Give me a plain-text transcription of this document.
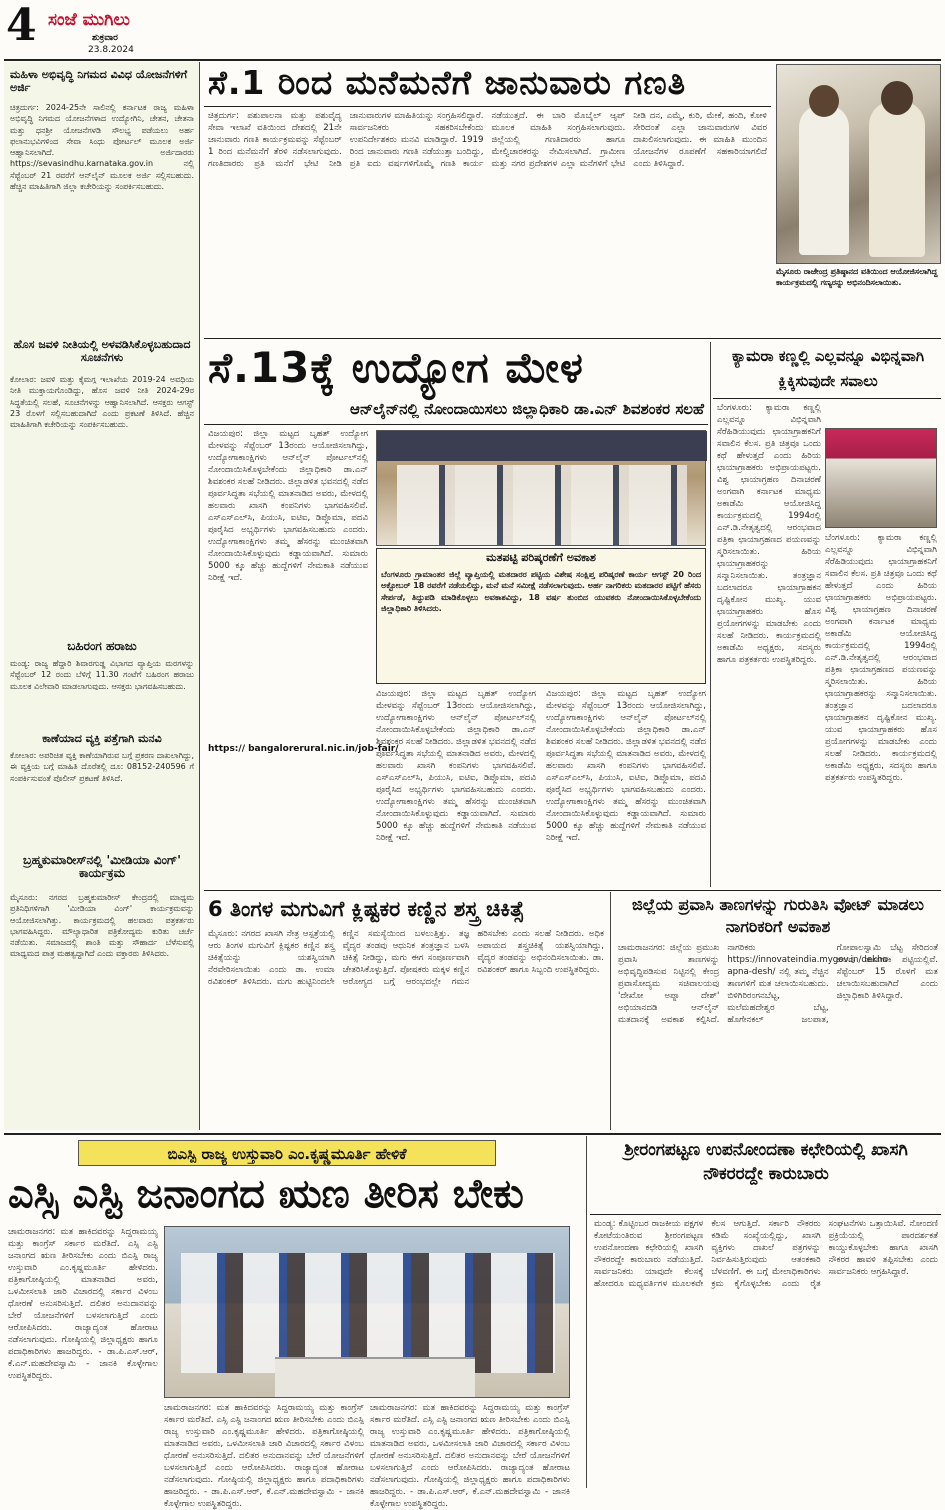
4 ಸಂಜೆ ಮುಗಿಲು
ಶುಕ್ರವಾರ
23.8.2024
ಮಹಿಳಾ ಅಭಿವೃದ್ಧಿ ನಿಗಮದ ವಿವಿಧ ಯೋಜನೆಗಳಿಗೆ ಅರ್ಜಿ
ಚಿತ್ರದುರ್ಗ: 2024-25ನೇ ಸಾಲಿನಲ್ಲಿ ಕರ್ನಾಟಕ ರಾಜ್ಯ ಮಹಿಳಾ ಅಭಿವೃದ್ಧಿ ನಿಗಮದ ಯೋಜನೆಗಳಾದ ಉದ್ಯೋಗಿನಿ, ಚೇತನ, ಚೇತನಾ ಮತ್ತು ಧನಶ್ರೀ ಯೋಜನೆಗಳಡಿ ಸೌಲಭ್ಯ ಪಡೆಯಲು ಅರ್ಹ ಫಲಾನುಭವಿಗಳಿಂದ ಸೇವಾ ಸಿಂಧು ಪೋರ್ಟಲ್ ಮೂಲಕ ಅರ್ಜಿ ಆಹ್ವಾನಿಸಲಾಗಿದೆ. ಅರ್ಜಿದಾರರು https://sevasindhu.karnataka.gov.in ನಲ್ಲಿ ಸೆಪ್ಟೆಂಬರ್ 21 ರವರೆಗೆ ಆನ್‌ಲೈನ್ ಮೂಲಕ ಅರ್ಜಿ ಸಲ್ಲಿಸಬಹುದು. ಹೆಚ್ಚಿನ ಮಾಹಿತಿಗಾಗಿ ಜಿಲ್ಲಾ ಕಚೇರಿಯನ್ನು ಸಂಪರ್ಕಿಸಬಹುದು.
ಹೊಸ ಜವಳಿ ನೀತಿಯಲ್ಲಿ ಅಳವಡಿಸಿಕೊಳ್ಳಬಹುದಾದ ಸೂಚನೆಗಳು
ಕೋಲಾರ: ಜವಳಿ ಮತ್ತು ಕೈಮಗ್ಗ ಇಲಾಖೆಯ 2019-24 ಅವಧಿಯ ನೀತಿ ಮುಕ್ತಾಯಗೊಂಡಿದ್ದು, ಹೊಸ ಜವಳಿ ನೀತಿ 2024-29ರ ಸಿದ್ಧತೆಯಲ್ಲಿ ಸಲಹೆ, ಸೂಚನೆಗಳನ್ನು ಆಹ್ವಾನಿಸಲಾಗಿದೆ. ಆಸಕ್ತರು ಆಗಸ್ಟ್ 23 ರೊಳಗೆ ಸಲ್ಲಿಸಬಹುದಾಗಿದೆ ಎಂದು ಪ್ರಕಟಣೆ ತಿಳಿಸಿದೆ. ಹೆಚ್ಚಿನ ಮಾಹಿತಿಗಾಗಿ ಕಚೇರಿಯನ್ನು ಸಂಪರ್ಕಿಸಬಹುದು.
ಬಹಿರಂಗ ಹರಾಜು
ಮಂಡ್ಯ: ರಾಜ್ಯ ಹೆದ್ದಾರಿ ಶಿವಾರಗುಡ್ಡ ವಿಭಾಗದ ವ್ಯಾಪ್ತಿಯ ಮರಗಳನ್ನು ಸೆಪ್ಟೆಂಬರ್ 12 ರಂದು ಬೆಳಿಗ್ಗೆ 11.30 ಗಂಟೆಗೆ ಬಹಿರಂಗ ಹರಾಜು ಮೂಲಕ ವಿಲೇವಾರಿ ಮಾಡಲಾಗುವುದು. ಆಸಕ್ತರು ಭಾಗವಹಿಸಬಹುದು.
ಕಾಣೆಯಾದ ವ್ಯಕ್ತಿ ಪತ್ತೆಗಾಗಿ ಮನವಿ
ಕೋಲಾರ: ಅಪರಿಚಿತ ವ್ಯಕ್ತಿ ಕಾಣೆಯಾಗಿರುವ ಬಗ್ಗೆ ಪ್ರಕರಣ ದಾಖಲಾಗಿದ್ದು, ಈ ವ್ಯಕ್ತಿಯ ಬಗ್ಗೆ ಮಾಹಿತಿ ದೊರೆತಲ್ಲಿ ದೂ: 08152-240596 ಗೆ ಸಂಪರ್ಕಿಸುವಂತೆ ಪೊಲೀಸ್ ಪ್ರಕಟಣೆ ತಿಳಿಸಿದೆ.
ಬ್ರಹ್ಮಕುಮಾರೀಸ್‌ನಲ್ಲಿ 'ಮೀಡಿಯಾ ವಿಂಗ್' ಕಾರ್ಯಕ್ರಮ
ಮೈಸೂರು: ನಗರದ ಬ್ರಹ್ಮಕುಮಾರೀಸ್ ಕೇಂದ್ರದಲ್ಲಿ ಮಾಧ್ಯಮ ಪ್ರತಿನಿಧಿಗಳಿಗಾಗಿ 'ಮೀಡಿಯಾ ವಿಂಗ್' ಕಾರ್ಯಕ್ರಮವನ್ನು ಆಯೋಜಿಸಲಾಗಿತ್ತು. ಕಾರ್ಯಕ್ರಮದಲ್ಲಿ ಹಲವಾರು ಪತ್ರಕರ್ತರು ಭಾಗವಹಿಸಿದ್ದರು. ಮೌಲ್ಯಾಧಾರಿತ ಪತ್ರಿಕೋದ್ಯಮ ಕುರಿತು ಚರ್ಚೆ ನಡೆಯಿತು. ಸಮಾಜದಲ್ಲಿ ಶಾಂತಿ ಮತ್ತು ಸೌಹಾರ್ದ ಬೆಳೆಸುವಲ್ಲಿ ಮಾಧ್ಯಮದ ಪಾತ್ರ ಮಹತ್ವದ್ದಾಗಿದೆ ಎಂದು ವಕ್ತಾರರು ತಿಳಿಸಿದರು.
ಸೆ.1 ರಿಂದ ಮನೆಮನೆಗೆ ಜಾನುವಾರು ಗಣತಿ
ಚಿತ್ರದುರ್ಗ: ಪಶುಪಾಲನಾ ಮತ್ತು ಪಶುವೈದ್ಯ ಸೇವಾ ಇಲಾಖೆ ವತಿಯಿಂದ ದೇಶದಲ್ಲಿ 21ನೇ ಜಾನುವಾರು ಗಣತಿ ಕಾರ್ಯಕ್ರಮವನ್ನು ಸೆಪ್ಟೆಂಬರ್ 1 ರಿಂದ ಮನೆಮನೆಗೆ ತೆರಳಿ ನಡೆಸಲಾಗುವುದು. ಗಣತಿದಾರರು ಪ್ರತಿ ಮನೆಗೆ ಭೇಟಿ ನೀಡಿ ಜಾನುವಾರುಗಳ ಮಾಹಿತಿಯನ್ನು ಸಂಗ್ರಹಿಸಲಿದ್ದಾರೆ. ಸಾರ್ವಜನಿಕರು ಸಹಕರಿಸಬೇಕೆಂದು ಉಪನಿರ್ದೇಶಕರು ಮನವಿ ಮಾಡಿದ್ದಾರೆ. 1919 ರಿಂದ ಜಾನುವಾರು ಗಣತಿ ನಡೆಯುತ್ತಾ ಬಂದಿದ್ದು, ಪ್ರತಿ ಐದು ವರ್ಷಗಳಿಗೊಮ್ಮೆ ಗಣತಿ ಕಾರ್ಯ ನಡೆಯುತ್ತದೆ. ಈ ಬಾರಿ ಮೊಬೈಲ್ ಆ್ಯಪ್ ಮೂಲಕ ಮಾಹಿತಿ ಸಂಗ್ರಹಿಸಲಾಗುವುದು. ಜಿಲ್ಲೆಯಲ್ಲಿ ಗಣತಿದಾರರು ಹಾಗೂ ಮೇಲ್ವಿಚಾರಕರನ್ನು ನೇಮಿಸಲಾಗಿದೆ. ಗ್ರಾಮೀಣ ಮತ್ತು ನಗರ ಪ್ರದೇಶಗಳ ಎಲ್ಲಾ ಮನೆಗಳಿಗೆ ಭೇಟಿ ನೀಡಿ ದನ, ಎಮ್ಮೆ, ಕುರಿ, ಮೇಕೆ, ಹಂದಿ, ಕೋಳಿ ಸೇರಿದಂತೆ ಎಲ್ಲಾ ಜಾನುವಾರುಗಳ ವಿವರ ದಾಖಲಿಸಲಾಗುವುದು. ಈ ಮಾಹಿತಿ ಮುಂದಿನ ಯೋಜನೆಗಳ ರೂಪಣೆಗೆ ಸಹಕಾರಿಯಾಗಲಿದೆ ಎಂದು ತಿಳಿಸಿದ್ದಾರೆ.
ಮೈಸೂರು ರಾಜೇಂದ್ರ ಪ್ರತಿಷ್ಠಾನದ ವತಿಯಿಂದ ಆಯೋಜಿಸಲಾಗಿದ್ದ ಕಾರ್ಯಕ್ರಮದಲ್ಲಿ ಗಣ್ಯರನ್ನು ಅಭಿನಂದಿಸಲಾಯಿತು.
ಸೆ.13ಕ್ಕೆ ಉದ್ಯೋಗ ಮೇಳ
ಆನ್‌ಲೈನ್‌ನಲ್ಲಿ ನೋಂದಾಯಿಸಲು ಜಿಲ್ಲಾಧಿಕಾರಿ ಡಾ.ಎನ್ ಶಿವಶಂಕರ ಸಲಹೆ
ವಿಜಯಪುರ: ಜಿಲ್ಲಾ ಮಟ್ಟದ ಬೃಹತ್ ಉದ್ಯೋಗ ಮೇಳವನ್ನು ಸೆಪ್ಟೆಂಬರ್ 13ರಂದು ಆಯೋಜಿಸಲಾಗಿದ್ದು, ಉದ್ಯೋಗಾಕಾಂಕ್ಷಿಗಳು ಆನ್‌ಲೈನ್ ಪೋರ್ಟಲ್‌ನಲ್ಲಿ ನೋಂದಾಯಿಸಿಕೊಳ್ಳಬೇಕೆಂದು ಜಿಲ್ಲಾಧಿಕಾರಿ ಡಾ.ಎನ್ ಶಿವಶಂಕರ ಸಲಹೆ ನೀಡಿದರು. ಜಿಲ್ಲಾಡಳಿತ ಭವನದಲ್ಲಿ ನಡೆದ ಪೂರ್ವಸಿದ್ಧತಾ ಸಭೆಯಲ್ಲಿ ಮಾತನಾಡಿದ ಅವರು, ಮೇಳದಲ್ಲಿ ಹಲವಾರು ಖಾಸಗಿ ಕಂಪನಿಗಳು ಭಾಗವಹಿಸಲಿವೆ. ಎಸ್‌ಎಸ್‌ಎಲ್‌ಸಿ, ಪಿಯುಸಿ, ಐಟಿಐ, ಡಿಪ್ಲೊಮಾ, ಪದವಿ ಪೂರೈಸಿದ ಅಭ್ಯರ್ಥಿಗಳು ಭಾಗವಹಿಸಬಹುದು ಎಂದರು. ಉದ್ಯೋಗಾಕಾಂಕ್ಷಿಗಳು ತಮ್ಮ ಹೆಸರನ್ನು ಮುಂಚಿತವಾಗಿ ನೋಂದಾಯಿಸಿಕೊಳ್ಳುವುದು ಕಡ್ಡಾಯವಾಗಿದೆ. ಸುಮಾರು 5000 ಕ್ಕೂ ಹೆಚ್ಚು ಹುದ್ದೆಗಳಿಗೆ ನೇಮಕಾತಿ ನಡೆಯುವ ನಿರೀಕ್ಷೆ ಇದೆ.
ಮತಪಟ್ಟಿ ಪರಿಷ್ಕರಣೆಗೆ ಅವಕಾಶ
ಬೆಂಗಳೂರು ಗ್ರಾಮಾಂತರ ಜಿಲ್ಲೆ ವ್ಯಾಪ್ತಿಯಲ್ಲಿ ಮತದಾರರ ಪಟ್ಟಿಯ ವಿಶೇಷ ಸಂಕ್ಷಿಪ್ತ ಪರಿಷ್ಕರಣೆ ಕಾರ್ಯ ಆಗಸ್ಟ್ 20 ರಿಂದ ಅಕ್ಟೋಬರ್ 18 ರವರೆಗೆ ನಡೆಯಲಿದ್ದು, ಮನೆ ಮನೆ ಸಮೀಕ್ಷೆ ನಡೆಸಲಾಗುವುದು. ಅರ್ಹ ನಾಗರಿಕರು ಮತದಾರರ ಪಟ್ಟಿಗೆ ಹೆಸರು ಸೇರ್ಪಡೆ, ತಿದ್ದುಪಡಿ ಮಾಡಿಕೊಳ್ಳಲು ಅವಕಾಶವಿದ್ದು, 18 ವರ್ಷ ತುಂಬಿದ ಯುವಕರು ನೋಂದಾಯಿಸಿಕೊಳ್ಳಬೇಕೆಂದು ಜಿಲ್ಲಾಧಿಕಾರಿ ತಿಳಿಸಿದರು.
ವಿಜಯಪುರ: ಜಿಲ್ಲಾ ಮಟ್ಟದ ಬೃಹತ್ ಉದ್ಯೋಗ ಮೇಳವನ್ನು ಸೆಪ್ಟೆಂಬರ್ 13ರಂದು ಆಯೋಜಿಸಲಾಗಿದ್ದು, ಉದ್ಯೋಗಾಕಾಂಕ್ಷಿಗಳು ಆನ್‌ಲೈನ್ ಪೋರ್ಟಲ್‌ನಲ್ಲಿ ನೋಂದಾಯಿಸಿಕೊಳ್ಳಬೇಕೆಂದು ಜಿಲ್ಲಾಧಿಕಾರಿ ಡಾ.ಎನ್ ಶಿವಶಂಕರ ಸಲಹೆ ನೀಡಿದರು. ಜಿಲ್ಲಾಡಳಿತ ಭವನದಲ್ಲಿ ನಡೆದ ಪೂರ್ವಸಿದ್ಧತಾ ಸಭೆಯಲ್ಲಿ ಮಾತನಾಡಿದ ಅವರು, ಮೇಳದಲ್ಲಿ ಹಲವಾರು ಖಾಸಗಿ ಕಂಪನಿಗಳು ಭಾಗವಹಿಸಲಿವೆ. ಎಸ್‌ಎಸ್‌ಎಲ್‌ಸಿ, ಪಿಯುಸಿ, ಐಟಿಐ, ಡಿಪ್ಲೊಮಾ, ಪದವಿ ಪೂರೈಸಿದ ಅಭ್ಯರ್ಥಿಗಳು ಭಾಗವಹಿಸಬಹುದು ಎಂದರು. ಉದ್ಯೋಗಾಕಾಂಕ್ಷಿಗಳು ತಮ್ಮ ಹೆಸರನ್ನು ಮುಂಚಿತವಾಗಿ ನೋಂದಾಯಿಸಿಕೊಳ್ಳುವುದು ಕಡ್ಡಾಯವಾಗಿದೆ. ಸುಮಾರು 5000 ಕ್ಕೂ ಹೆಚ್ಚು ಹುದ್ದೆಗಳಿಗೆ ನೇಮಕಾತಿ ನಡೆಯುವ ನಿರೀಕ್ಷೆ ಇದೆ.
ವಿಜಯಪುರ: ಜಿಲ್ಲಾ ಮಟ್ಟದ ಬೃಹತ್ ಉದ್ಯೋಗ ಮೇಳವನ್ನು ಸೆಪ್ಟೆಂಬರ್ 13ರಂದು ಆಯೋಜಿಸಲಾಗಿದ್ದು, ಉದ್ಯೋಗಾಕಾಂಕ್ಷಿಗಳು ಆನ್‌ಲೈನ್ ಪೋರ್ಟಲ್‌ನಲ್ಲಿ ನೋಂದಾಯಿಸಿಕೊಳ್ಳಬೇಕೆಂದು ಜಿಲ್ಲಾಧಿಕಾರಿ ಡಾ.ಎನ್ ಶಿವಶಂಕರ ಸಲಹೆ ನೀಡಿದರು. ಜಿಲ್ಲಾಡಳಿತ ಭವನದಲ್ಲಿ ನಡೆದ ಪೂರ್ವಸಿದ್ಧತಾ ಸಭೆಯಲ್ಲಿ ಮಾತನಾಡಿದ ಅವರು, ಮೇಳದಲ್ಲಿ ಹಲವಾರು ಖಾಸಗಿ ಕಂಪನಿಗಳು ಭಾಗವಹಿಸಲಿವೆ. ಎಸ್‌ಎಸ್‌ಎಲ್‌ಸಿ, ಪಿಯುಸಿ, ಐಟಿಐ, ಡಿಪ್ಲೊಮಾ, ಪದವಿ ಪೂರೈಸಿದ ಅಭ್ಯರ್ಥಿಗಳು ಭಾಗವಹಿಸಬಹುದು ಎಂದರು. ಉದ್ಯೋಗಾಕಾಂಕ್ಷಿಗಳು ತಮ್ಮ ಹೆಸರನ್ನು ಮುಂಚಿತವಾಗಿ ನೋಂದಾಯಿಸಿಕೊಳ್ಳುವುದು ಕಡ್ಡಾಯವಾಗಿದೆ. ಸುಮಾರು 5000 ಕ್ಕೂ ಹೆಚ್ಚು ಹುದ್ದೆಗಳಿಗೆ ನೇಮಕಾತಿ ನಡೆಯುವ ನಿರೀಕ್ಷೆ ಇದೆ.
https:// bangalorerural.nic.in/job-fair/
ಕ್ಯಾಮರಾ ಕಣ್ಣಲ್ಲಿ ಎಲ್ಲವನ್ನೂ ವಿಭಿನ್ನವಾಗಿ ಕ್ಲಿಕ್ಕಿಸುವುದೇ ಸವಾಲು
ಬೆಂಗಳೂರು: ಕ್ಯಾಮರಾ ಕಣ್ಣಲ್ಲಿ ಎಲ್ಲವನ್ನೂ ವಿಭಿನ್ನವಾಗಿ ಸೆರೆಹಿಡಿಯುವುದು ಛಾಯಾಗ್ರಾಹಕನಿಗೆ ಸವಾಲಿನ ಕೆಲಸ. ಪ್ರತಿ ಚಿತ್ರವೂ ಒಂದು ಕಥೆ ಹೇಳುತ್ತದೆ ಎಂದು ಹಿರಿಯ ಛಾಯಾಗ್ರಾಹಕರು ಅಭಿಪ್ರಾಯಪಟ್ಟರು. ವಿಶ್ವ ಛಾಯಾಗ್ರಹಣ ದಿನಾಚರಣೆ ಅಂಗವಾಗಿ ಕರ್ನಾಟಕ ಮಾಧ್ಯಮ ಅಕಾಡೆಮಿ ಆಯೋಜಿಸಿದ್ದ ಕಾರ್ಯಕ್ರಮದಲ್ಲಿ 1994ರಲ್ಲಿ ಎನ್.ಡಿ.ನೇತೃತ್ವದಲ್ಲಿ ಆರಂಭವಾದ ಪತ್ರಿಕಾ ಛಾಯಾಗ್ರಹಣದ ಪಯಣವನ್ನು ಸ್ಮರಿಸಲಾಯಿತು. ಹಿರಿಯ ಛಾಯಾಗ್ರಾಹಕರನ್ನು ಸನ್ಮಾನಿಸಲಾಯಿತು. ತಂತ್ರಜ್ಞಾನ ಬದಲಾದರೂ ಛಾಯಾಗ್ರಾಹಕನ ದೃಷ್ಟಿಕೋನ ಮುಖ್ಯ. ಯುವ ಛಾಯಾಗ್ರಾಹಕರು ಹೊಸ ಪ್ರಯೋಗಗಳನ್ನು ಮಾಡಬೇಕು ಎಂದು ಸಲಹೆ ನೀಡಿದರು. ಕಾರ್ಯಕ್ರಮದಲ್ಲಿ ಅಕಾಡೆಮಿ ಅಧ್ಯಕ್ಷರು, ಸದಸ್ಯರು ಹಾಗೂ ಪತ್ರಕರ್ತರು ಉಪಸ್ಥಿತರಿದ್ದರು.
ಬೆಂಗಳೂರು: ಕ್ಯಾಮರಾ ಕಣ್ಣಲ್ಲಿ ಎಲ್ಲವನ್ನೂ ವಿಭಿನ್ನವಾಗಿ ಸೆರೆಹಿಡಿಯುವುದು ಛಾಯಾಗ್ರಾಹಕನಿಗೆ ಸವಾಲಿನ ಕೆಲಸ. ಪ್ರತಿ ಚಿತ್ರವೂ ಒಂದು ಕಥೆ ಹೇಳುತ್ತದೆ ಎಂದು ಹಿರಿಯ ಛಾಯಾಗ್ರಾಹಕರು ಅಭಿಪ್ರಾಯಪಟ್ಟರು. ವಿಶ್ವ ಛಾಯಾಗ್ರಹಣ ದಿನಾಚರಣೆ ಅಂಗವಾಗಿ ಕರ್ನಾಟಕ ಮಾಧ್ಯಮ ಅಕಾಡೆಮಿ ಆಯೋಜಿಸಿದ್ದ ಕಾರ್ಯಕ್ರಮದಲ್ಲಿ 1994ರಲ್ಲಿ ಎನ್.ಡಿ.ನೇತೃತ್ವದಲ್ಲಿ ಆರಂಭವಾದ ಪತ್ರಿಕಾ ಛಾಯಾಗ್ರಹಣದ ಪಯಣವನ್ನು ಸ್ಮರಿಸಲಾಯಿತು. ಹಿರಿಯ ಛಾಯಾಗ್ರಾಹಕರನ್ನು ಸನ್ಮಾನಿಸಲಾಯಿತು. ತಂತ್ರಜ್ಞಾನ ಬದಲಾದರೂ ಛಾಯಾಗ್ರಾಹಕನ ದೃಷ್ಟಿಕೋನ ಮುಖ್ಯ. ಯುವ ಛಾಯಾಗ್ರಾಹಕರು ಹೊಸ ಪ್ರಯೋಗಗಳನ್ನು ಮಾಡಬೇಕು ಎಂದು ಸಲಹೆ ನೀಡಿದರು. ಕಾರ್ಯಕ್ರಮದಲ್ಲಿ ಅಕಾಡೆಮಿ ಅಧ್ಯಕ್ಷರು, ಸದಸ್ಯರು ಹಾಗೂ ಪತ್ರಕರ್ತರು ಉಪಸ್ಥಿತರಿದ್ದರು.
6 ತಿಂಗಳ ಮಗುವಿಗೆ ಕ್ಲಿಷ್ಟಕರ ಕಣ್ಣಿನ ಶಸ್ತ್ರ ಚಿಕಿತ್ಸೆ
ಮೈಸೂರು: ನಗರದ ಖಾಸಗಿ ನೇತ್ರ ಆಸ್ಪತ್ರೆಯಲ್ಲಿ ಆರು ತಿಂಗಳ ಮಗುವಿಗೆ ಕ್ಲಿಷ್ಟಕರ ಕಣ್ಣಿನ ಶಸ್ತ್ರ ಚಿಕಿತ್ಸೆಯನ್ನು ಯಶಸ್ವಿಯಾಗಿ ನೆರವೇರಿಸಲಾಯಿತು ಎಂದು ಡಾ. ಉಮಾ ರವಿಶಂಕರ್ ತಿಳಿಸಿದರು. ಮಗು ಹುಟ್ಟಿನಿಂದಲೇ ಕಣ್ಣಿನ ಸಮಸ್ಯೆಯಿಂದ ಬಳಲುತ್ತಿತ್ತು. ತಜ್ಞ ವೈದ್ಯರ ತಂಡವು ಆಧುನಿಕ ತಂತ್ರಜ್ಞಾನ ಬಳಸಿ ಚಿಕಿತ್ಸೆ ನೀಡಿದ್ದು, ಮಗು ಈಗ ಸಂಪೂರ್ಣವಾಗಿ ಚೇತರಿಸಿಕೊಳ್ಳುತ್ತಿದೆ. ಪೋಷಕರು ಮಕ್ಕಳ ಕಣ್ಣಿನ ಆರೋಗ್ಯದ ಬಗ್ಗೆ ಆರಂಭದಲ್ಲೇ ಗಮನ ಹರಿಸಬೇಕು ಎಂದು ಸಲಹೆ ನೀಡಿದರು. ಅಧಿಕ ಅಪಾಯದ ಶಸ್ತ್ರಚಿಕಿತ್ಸೆ ಯಶಸ್ವಿಯಾಗಿದ್ದು, ವೈದ್ಯರ ತಂಡವನ್ನು ಅಭಿನಂದಿಸಲಾಯಿತು. ಡಾ. ರವಿಶಂಕರ್ ಹಾಗೂ ಸಿಬ್ಬಂದಿ ಉಪಸ್ಥಿತರಿದ್ದರು.
ಜಿಲ್ಲೆಯ ಪ್ರವಾಸಿ ತಾಣಗಳನ್ನು ಗುರುತಿಸಿ ವೋಟ್ ಮಾಡಲು ನಾಗರಿಕರಿಗೆ ಅವಕಾಶ
ಚಾಮರಾಜನಗರ: ಜಿಲ್ಲೆಯ ಪ್ರಮುಖ ಪ್ರವಾಸಿ ತಾಣಗಳನ್ನು ಅಭಿವೃದ್ಧಿಪಡಿಸುವ ನಿಟ್ಟಿನಲ್ಲಿ ಕೇಂದ್ರ ಪ್ರವಾಸೋದ್ಯಮ ಸಚಿವಾಲಯವು 'ದೇಖೋ ಅಪ್ನಾ ದೇಶ್' ಅಭಿಯಾನದಡಿ ಆನ್‌ಲೈನ್ ಮತದಾನಕ್ಕೆ ಅವಕಾಶ ಕಲ್ಪಿಸಿದೆ. ನಾಗರಿಕರು https://innovateindia.mygov.in/dekho-apna-desh/ ನಲ್ಲಿ ತಮ್ಮ ನೆಚ್ಚಿನ ತಾಣಗಳಿಗೆ ಮತ ಚಲಾಯಿಸಬಹುದು. ಬಿಳಿಗಿರಿರಂಗನಬೆಟ್ಟ, ಮಲೆಮಹದೇಶ್ವರ ಬೆಟ್ಟ, ಹೊಗೇನಕಲ್ ಜಲಪಾತ, ಗೋಪಾಲಸ್ವಾಮಿ ಬೆಟ್ಟ ಸೇರಿದಂತೆ ಹಲವು ತಾಣಗಳು ಪಟ್ಟಿಯಲ್ಲಿವೆ. ಸೆಪ್ಟೆಂಬರ್ 15 ರೊಳಗೆ ಮತ ಚಲಾಯಿಸಬಹುದಾಗಿದೆ ಎಂದು ಜಿಲ್ಲಾಧಿಕಾರಿ ತಿಳಿಸಿದ್ದಾರೆ.
ಬಿಎಸ್ಪಿ ರಾಜ್ಯ ಉಸ್ತುವಾರಿ ಎಂ.ಕೃಷ್ಣಮೂರ್ತಿ ಹೇಳಿಕೆ
ಎಸ್ಸಿ ಎಸ್ಟಿ ಜನಾಂಗದ ಋಣ ತೀರಿಸ ಬೇಕು
ಚಾಮರಾಜನಗರ: ಮತ ಹಾಕಿದವರನ್ನು ಸಿದ್ದರಾಮಯ್ಯ ಮತ್ತು ಕಾಂಗ್ರೆಸ್ ಸರ್ಕಾರ ಮರೆತಿದೆ. ಎಸ್ಸಿ ಎಸ್ಟಿ ಜನಾಂಗದ ಋಣ ತೀರಿಸಬೇಕು ಎಂದು ಬಿಎಸ್ಪಿ ರಾಜ್ಯ ಉಸ್ತುವಾರಿ ಎಂ.ಕೃಷ್ಣಮೂರ್ತಿ ಹೇಳಿದರು. ಪತ್ರಿಕಾಗೋಷ್ಠಿಯಲ್ಲಿ ಮಾತನಾಡಿದ ಅವರು, ಒಳಮೀಸಲಾತಿ ಜಾರಿ ವಿಚಾರದಲ್ಲಿ ಸರ್ಕಾರ ವಿಳಂಬ ಧೋರಣೆ ಅನುಸರಿಸುತ್ತಿದೆ. ದಲಿತರ ಅನುದಾನವನ್ನು ಬೇರೆ ಯೋಜನೆಗಳಿಗೆ ಬಳಸಲಾಗುತ್ತಿದೆ ಎಂದು ಆರೋಪಿಸಿದರು. ರಾಜ್ಯಾದ್ಯಂತ ಹೋರಾಟ ನಡೆಸಲಾಗುವುದು. ಗೋಷ್ಠಿಯಲ್ಲಿ ಜಿಲ್ಲಾಧ್ಯಕ್ಷರು ಹಾಗೂ ಪದಾಧಿಕಾರಿಗಳು ಹಾಜರಿದ್ದರು. - ಡಾ.ಪಿ.ಎಸ್.ಆರ್, ಕೆ.ಎನ್.ಮಹದೇವಸ್ವಾಮಿ - ಜಾನಕಿ ಕೊಳ್ಳೇಗಾಲ ಉಪಸ್ಥಿತರಿದ್ದರು.
ಚಾಮರಾಜನಗರ: ಮತ ಹಾಕಿದವರನ್ನು ಸಿದ್ದರಾಮಯ್ಯ ಮತ್ತು ಕಾಂಗ್ರೆಸ್ ಸರ್ಕಾರ ಮರೆತಿದೆ. ಎಸ್ಸಿ ಎಸ್ಟಿ ಜನಾಂಗದ ಋಣ ತೀರಿಸಬೇಕು ಎಂದು ಬಿಎಸ್ಪಿ ರಾಜ್ಯ ಉಸ್ತುವಾರಿ ಎಂ.ಕೃಷ್ಣಮೂರ್ತಿ ಹೇಳಿದರು. ಪತ್ರಿಕಾಗೋಷ್ಠಿಯಲ್ಲಿ ಮಾತನಾಡಿದ ಅವರು, ಒಳಮೀಸಲಾತಿ ಜಾರಿ ವಿಚಾರದಲ್ಲಿ ಸರ್ಕಾರ ವಿಳಂಬ ಧೋರಣೆ ಅನುಸರಿಸುತ್ತಿದೆ. ದಲಿತರ ಅನುದಾನವನ್ನು ಬೇರೆ ಯೋಜನೆಗಳಿಗೆ ಬಳಸಲಾಗುತ್ತಿದೆ ಎಂದು ಆರೋಪಿಸಿದರು. ರಾಜ್ಯಾದ್ಯಂತ ಹೋರಾಟ ನಡೆಸಲಾಗುವುದು. ಗೋಷ್ಠಿಯಲ್ಲಿ ಜಿಲ್ಲಾಧ್ಯಕ್ಷರು ಹಾಗೂ ಪದಾಧಿಕಾರಿಗಳು ಹಾಜರಿದ್ದರು. - ಡಾ.ಪಿ.ಎಸ್.ಆರ್, ಕೆ.ಎನ್.ಮಹದೇವಸ್ವಾಮಿ - ಜಾನಕಿ ಕೊಳ್ಳೇಗಾಲ ಉಪಸ್ಥಿತರಿದ್ದರು.
ಚಾಮರಾಜನಗರ: ಮತ ಹಾಕಿದವರನ್ನು ಸಿದ್ದರಾಮಯ್ಯ ಮತ್ತು ಕಾಂಗ್ರೆಸ್ ಸರ್ಕಾರ ಮರೆತಿದೆ. ಎಸ್ಸಿ ಎಸ್ಟಿ ಜನಾಂಗದ ಋಣ ತೀರಿಸಬೇಕು ಎಂದು ಬಿಎಸ್ಪಿ ರಾಜ್ಯ ಉಸ್ತುವಾರಿ ಎಂ.ಕೃಷ್ಣಮೂರ್ತಿ ಹೇಳಿದರು. ಪತ್ರಿಕಾಗೋಷ್ಠಿಯಲ್ಲಿ ಮಾತನಾಡಿದ ಅವರು, ಒಳಮೀಸಲಾತಿ ಜಾರಿ ವಿಚಾರದಲ್ಲಿ ಸರ್ಕಾರ ವಿಳಂಬ ಧೋರಣೆ ಅನುಸರಿಸುತ್ತಿದೆ. ದಲಿತರ ಅನುದಾನವನ್ನು ಬೇರೆ ಯೋಜನೆಗಳಿಗೆ ಬಳಸಲಾಗುತ್ತಿದೆ ಎಂದು ಆರೋಪಿಸಿದರು. ರಾಜ್ಯಾದ್ಯಂತ ಹೋರಾಟ ನಡೆಸಲಾಗುವುದು. ಗೋಷ್ಠಿಯಲ್ಲಿ ಜಿಲ್ಲಾಧ್ಯಕ್ಷರು ಹಾಗೂ ಪದಾಧಿಕಾರಿಗಳು ಹಾಜರಿದ್ದರು. - ಡಾ.ಪಿ.ಎಸ್.ಆರ್, ಕೆ.ಎನ್.ಮಹದೇವಸ್ವಾಮಿ - ಜಾನಕಿ ಕೊಳ್ಳೇಗಾಲ ಉಪಸ್ಥಿತರಿದ್ದರು.
ಶ್ರೀರಂಗಪಟ್ಟಣ ಉಪನೋಂದಣಾ ಕಛೇರಿಯಲ್ಲಿ ಖಾಸಗಿ ನೌಕರರದ್ದೇ ಕಾರುಬಾರು
ಮಂಡ್ಯ: ಕೊಟ್ಟಿಂಬರ ರಾಜಕೀಯ ಪಕ್ಷಗಳ ಕೋಟೆಯಂತಿರುವ ಶ್ರೀರಂಗಪಟ್ಟಣ ಉಪನೋಂದಣಾ ಕಛೇರಿಯಲ್ಲಿ ಖಾಸಗಿ ನೌಕರರದ್ದೇ ಕಾರುಬಾರು ನಡೆಯುತ್ತಿದೆ. ಸಾರ್ವಜನಿಕರು ಯಾವುದೇ ಕೆಲಸಕ್ಕೆ ಹೋದರೂ ಮಧ್ಯವರ್ತಿಗಳ ಮೂಲಕವೇ ಕೆಲಸ ಆಗುತ್ತಿದೆ. ಸರ್ಕಾರಿ ನೌಕರರು ಕಡಿಮೆ ಸಂಖ್ಯೆಯಲ್ಲಿದ್ದು, ಖಾಸಗಿ ವ್ಯಕ್ತಿಗಳು ದಾಖಲೆ ಪತ್ರಗಳನ್ನು ನಿರ್ವಹಿಸುತ್ತಿರುವುದು ಆತಂಕಕಾರಿ ಬೆಳವಣಿಗೆ. ಈ ಬಗ್ಗೆ ಮೇಲಾಧಿಕಾರಿಗಳು ಕ್ರಮ ಕೈಗೊಳ್ಳಬೇಕು ಎಂದು ರೈತ ಸಂಘಟನೆಗಳು ಒತ್ತಾಯಿಸಿವೆ. ನೋಂದಣಿ ಪ್ರಕ್ರಿಯೆಯಲ್ಲಿ ಪಾರದರ್ಶಕತೆ ಕಾಯ್ದುಕೊಳ್ಳಬೇಕು ಹಾಗೂ ಖಾಸಗಿ ನೌಕರರ ಹಾವಳಿ ತಪ್ಪಿಸಬೇಕು ಎಂದು ಸಾರ್ವಜನಿಕರು ಆಗ್ರಹಿಸಿದ್ದಾರೆ.
